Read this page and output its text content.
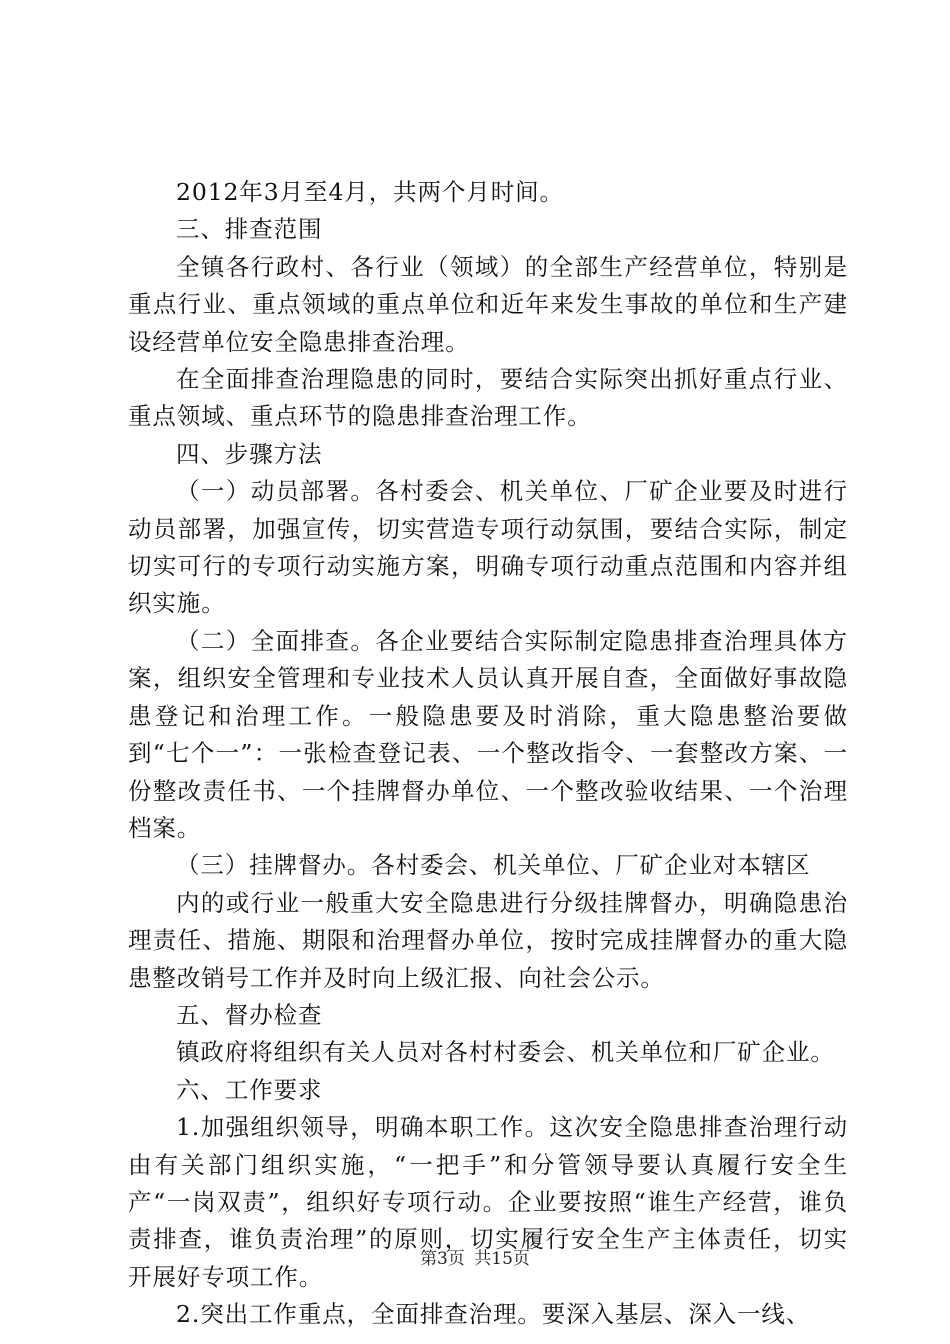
2012年3月至4月，共两个月时间。

三、排查范围

全镇各行政村、各行业（领域）的全部生产经营单位，特别是重点行业、重点领域的重点单位和近年来发生事故的单位和生产建设经营单位安全隐患排查治理。

在全面排查治理隐患的同时，要结合实际突出抓好重点行业、重点领域、重点环节的隐患排查治理工作。

四、步骤方法

（一）动员部署。各村委会、机关单位、厂矿企业要及时进行动员部署，加强宣传，切实营造专项行动氛围，要结合实际，制定切实可行的专项行动实施方案，明确专项行动重点范围和内容并组织实施。

（二）全面排查。各企业要结合实际制定隐患排查治理具体方案，组织安全管理和专业技术人员认真开展自查，全面做好事故隐患登记和治理工作。一般隐患要及时消除，重大隐患整治要做到“七个一”：一张检查登记表、一个整改指令、一套整改方案、一份整改责任书、一个挂牌督办单位、一个整改验收结果、一个治理档案。

（三）挂牌督办。各村委会、机关单位、厂矿企业对本辖区

内的或行业一般重大安全隐患进行分级挂牌督办，明确隐患治理责任、措施、期限和治理督办单位，按时完成挂牌督办的重大隐患整改销号工作并及时向上级汇报、向社会公示。

五、督办检查

镇政府将组织有关人员对各村村委会、机关单位和厂矿企业。

六、工作要求

1.加强组织领导，明确本职工作。这次安全隐患排查治理行动由有关部门组织实施，“一把手”和分管领导要认真履行安全生产“一岗双责”，组织好专项行动。企业要按照“谁生产经营，谁负责排查，谁负责治理”的原则，切实履行安全生产主体责任，切实开展好专项工作。

2.突出工作重点，全面排查治理。要深入基层、深入一线、

第3页 共15页
